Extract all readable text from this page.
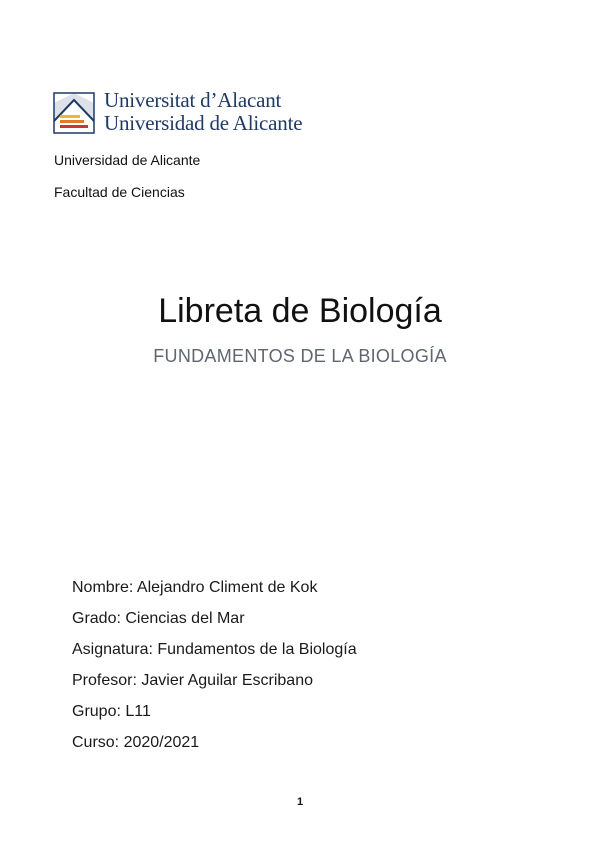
Universitat d’Alacant
Universidad de Alicante
Universidad de Alicante
Facultad de Ciencias
Libreta de Biología
FUNDAMENTOS DE LA BIOLOGÍA
Nombre: Alejandro Climent de Kok
Grado: Ciencias del Mar
Asignatura: Fundamentos de la Biología
Profesor: Javier Aguilar Escribano
Grupo: L11
Curso: 2020/2021
1
